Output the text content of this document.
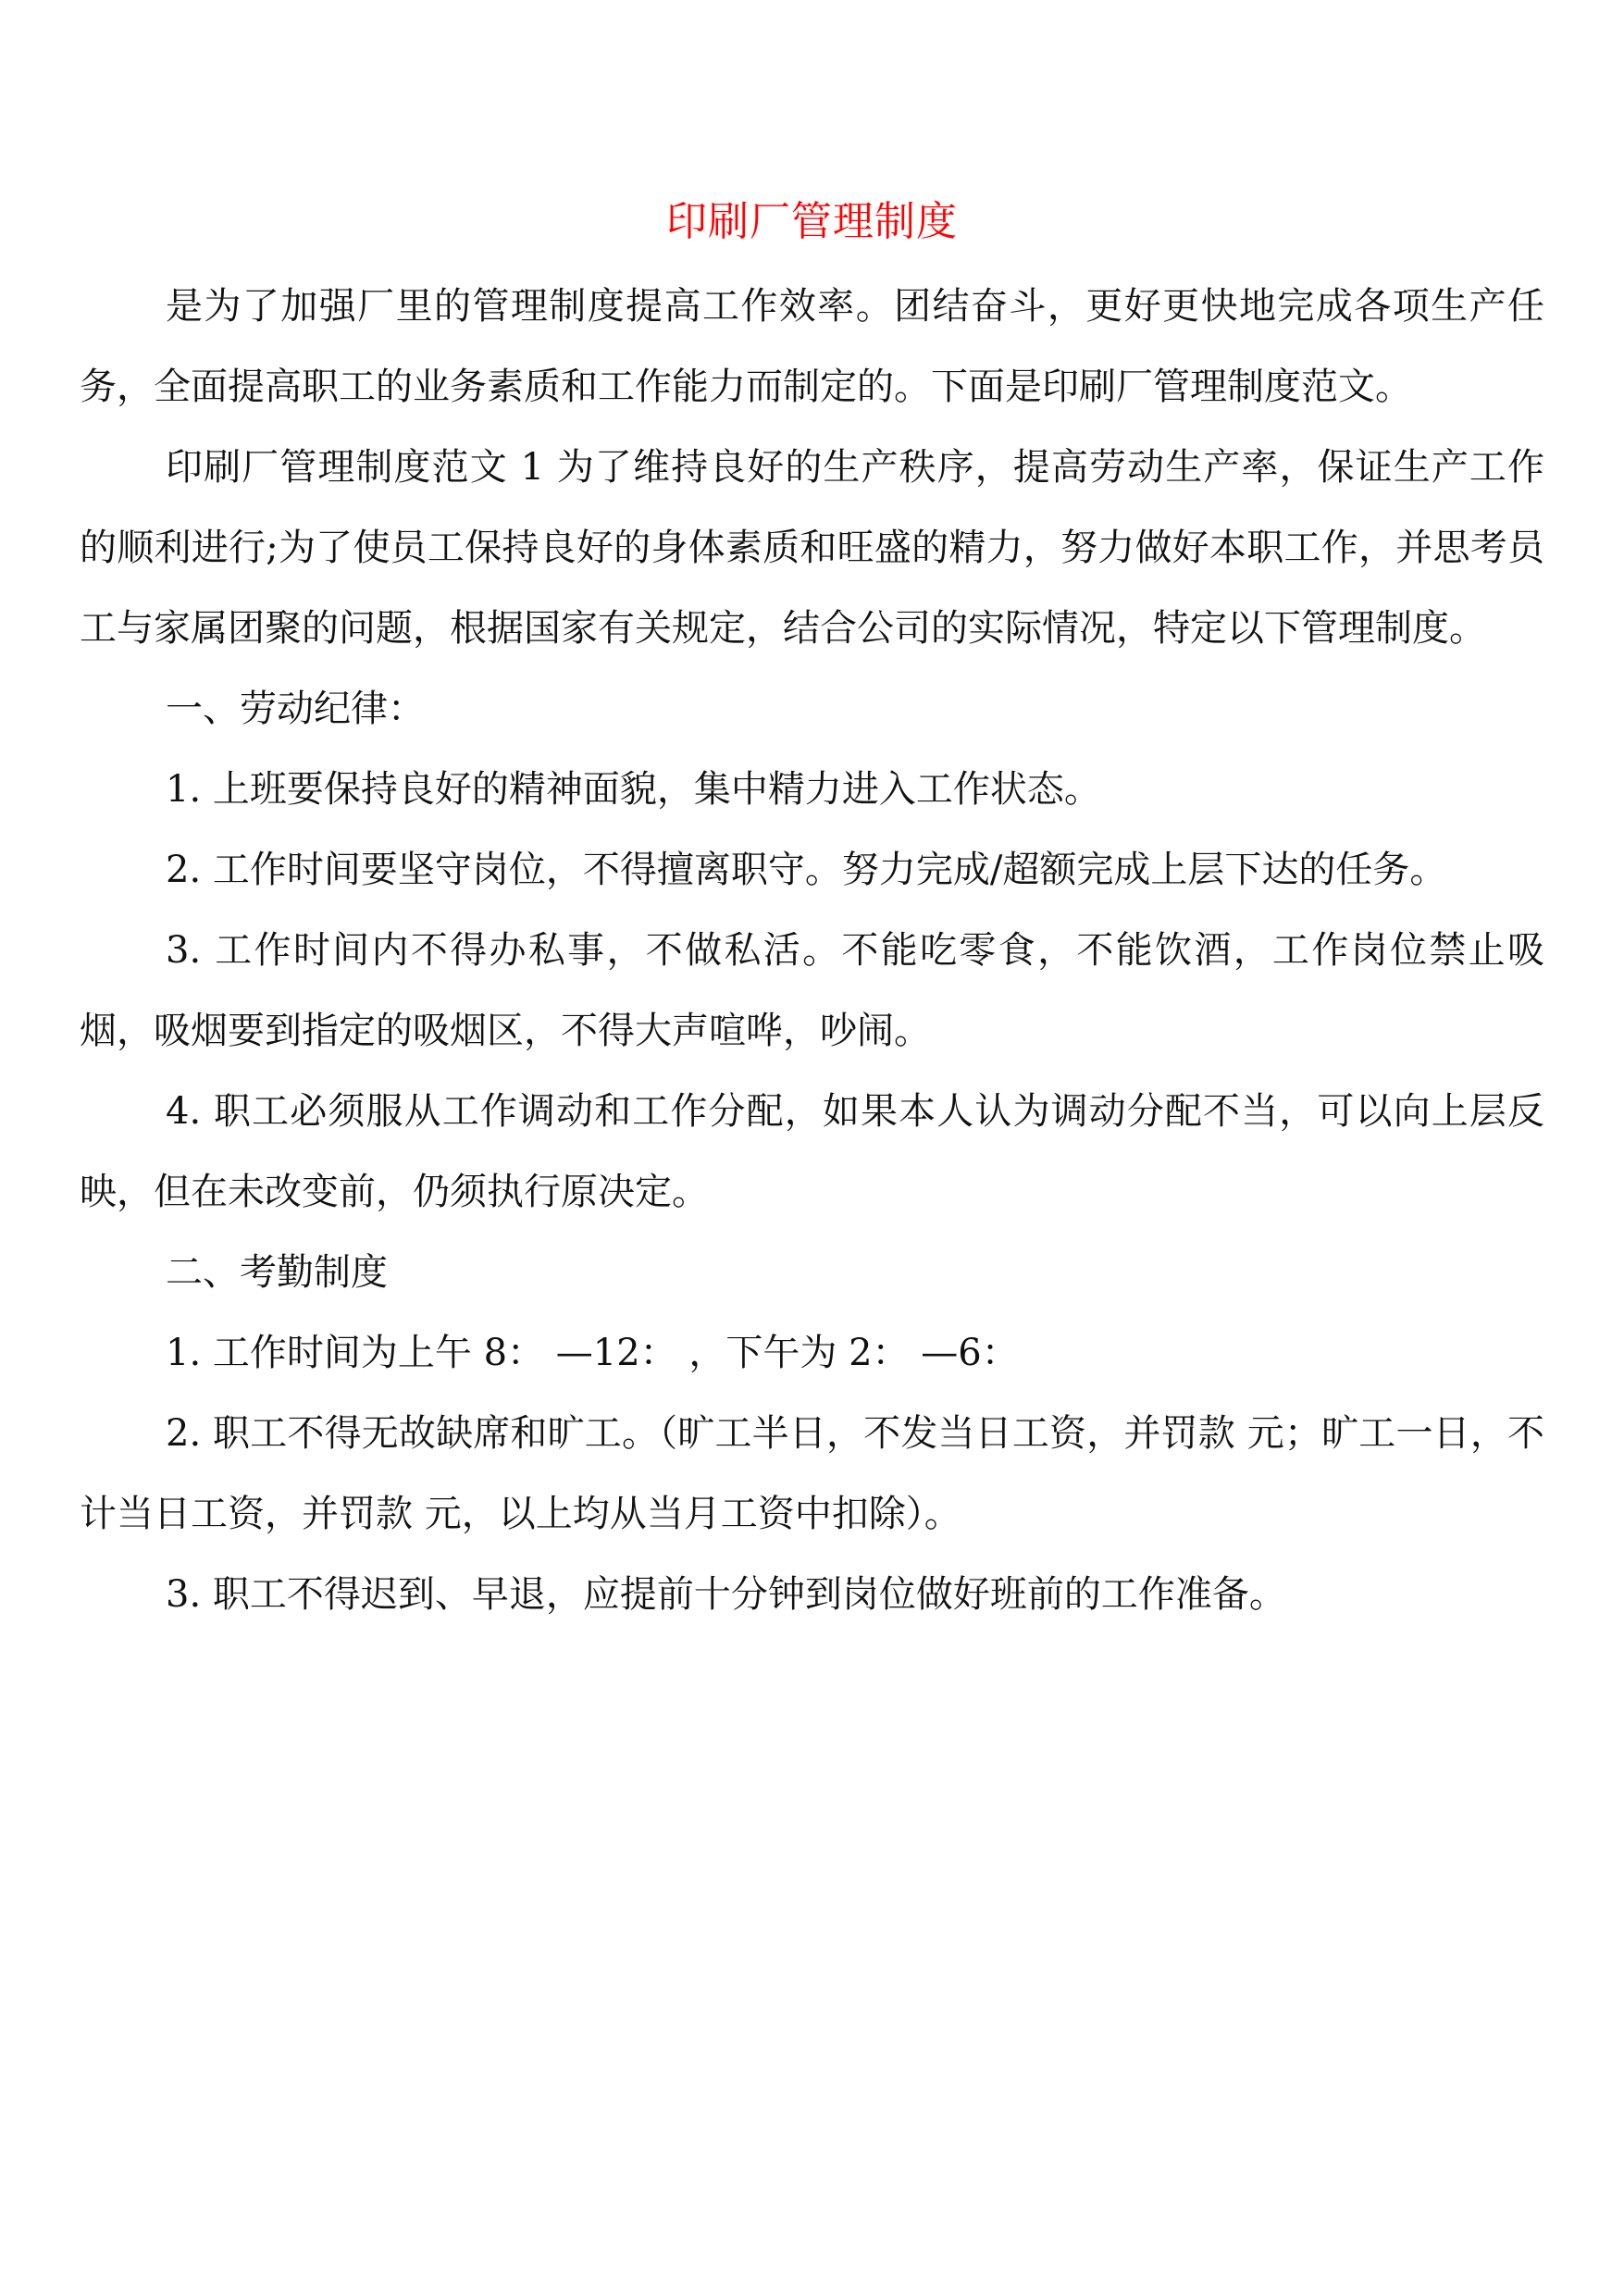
印刷厂管理制度

是为了加强厂里的管理制度提高工作效率。团结奋斗，更好更快地完成各项生产任务，全面提高职工的业务素质和工作能力而制定的。下面是印刷厂管理制度范文。

印刷厂管理制度范文 1 为了维持良好的生产秩序，提高劳动生产率，保证生产工作的顺利进行;为了使员工保持良好的身体素质和旺盛的精力，努力做好本职工作，并思考员工与家属团聚的问题，根据国家有关规定，结合公司的实际情况，特定以下管理制度。

一、劳动纪律：

1. 上班要保持良好的精神面貌，集中精力进入工作状态。

2. 工作时间要坚守岗位，不得擅离职守。努力完成/超额完成上层下达的任务。

3. 工作时间内不得办私事，不做私活。不能吃零食，不能饮酒，工作岗位禁止吸烟，吸烟要到指定的吸烟区，不得大声喧哗，吵闹。

4. 职工必须服从工作调动和工作分配，如果本人认为调动分配不当，可以向上层反映，但在未改变前，仍须执行原决定。

二、考勤制度

1. 工作时间为上午 8： —12： ，下午为 2： —6：

2. 职工不得无故缺席和旷工。（旷工半日，不发当日工资，并罚款 元；旷工一日，不计当日工资，并罚款 元，以上均从当月工资中扣除）。

3. 职工不得迟到、早退，应提前十分钟到岗位做好班前的工作准备。
